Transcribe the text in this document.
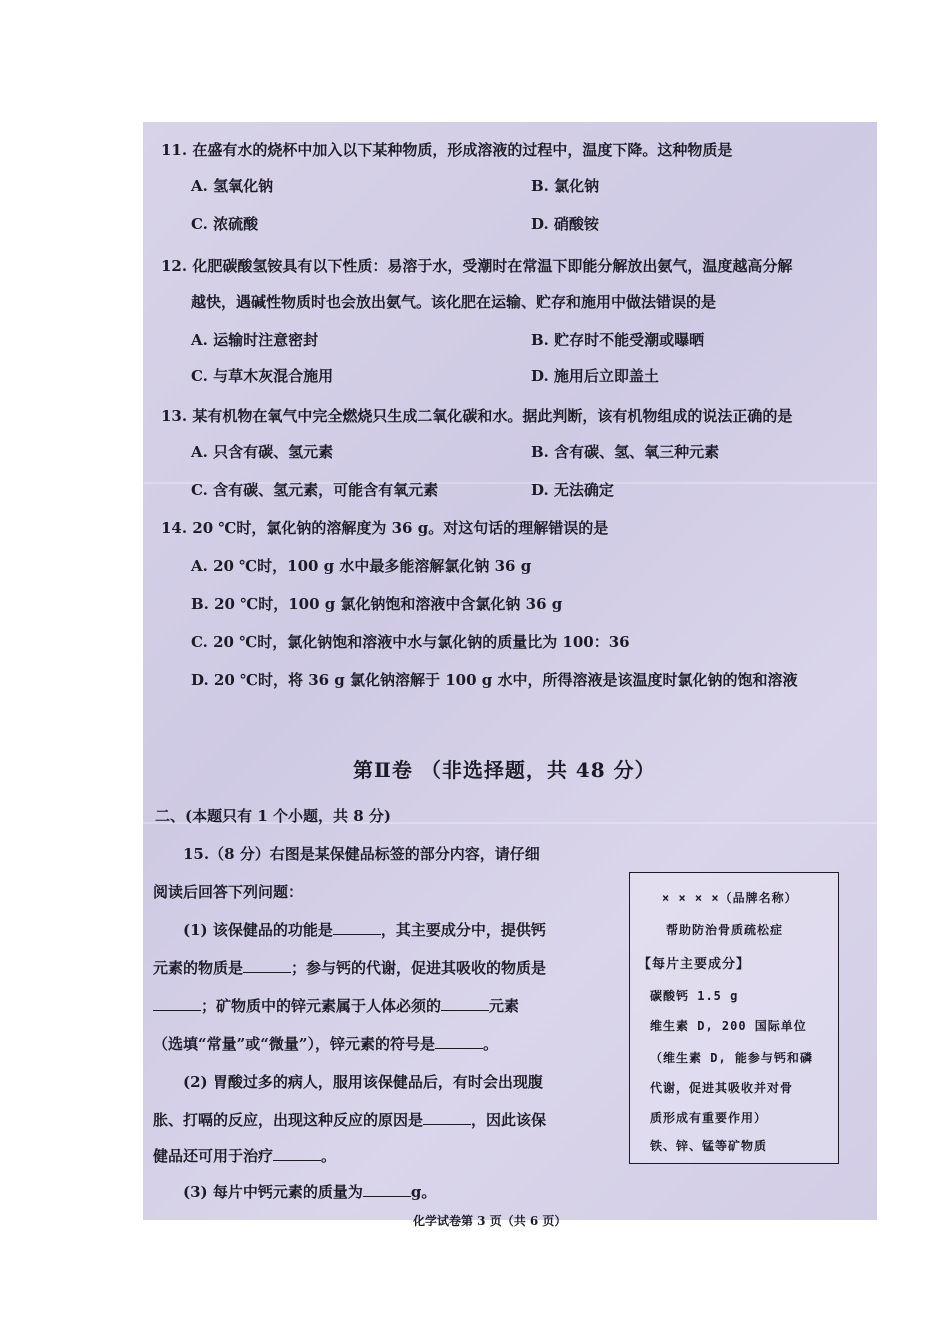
11. 在盛有水的烧杯中加入以下某种物质，形成溶液的过程中，温度下降。这种物质是
A. 氢氧化钠	B. 氯化钠
C. 浓硫酸	D. 硝酸铵
12. 化肥碳酸氢铵具有以下性质：易溶于水，受潮时在常温下即能分解放出氨气，温度越高分解
越快，遇碱性物质时也会放出氨气。该化肥在运输、贮存和施用中做法错误的是
A. 运输时注意密封	B. 贮存时不能受潮或曝晒
C. 与草木灰混合施用	D. 施用后立即盖土
13. 某有机物在氧气中完全燃烧只生成二氧化碳和水。据此判断，该有机物组成的说法正确的是
A. 只含有碳、氢元素	B. 含有碳、氢、氧三种元素
C. 含有碳、氢元素，可能含有氧元素	D. 无法确定
14. 20 ℃时，氯化钠的溶解度为 36 g。对这句话的理解错误的是
A. 20 ℃时，100 g 水中最多能溶解氯化钠 36 g
B. 20 ℃时，100 g 氯化钠饱和溶液中含氯化钠 36 g
C. 20 ℃时，氯化钠饱和溶液中水与氯化钠的质量比为 100：36
D. 20 ℃时，将 36 g 氯化钠溶解于 100 g 水中，所得溶液是该温度时氯化钠的饱和溶液
第Ⅱ卷 （非选择题，共 48 分）
二、(本题只有 1 个小题，共 8 分)
15.（8 分）右图是某保健品标签的部分内容，请仔细
阅读后回答下列问题：
(1) 该保健品的功能是	，其主要成分中，提供钙
元素的物质是	；参与钙的代谢，促进其吸收的物质是
；矿物质中的锌元素属于人体必须的	元素
（选填“常量”或“微量”），锌元素的符号是	。
(2) 胃酸过多的病人，服用该保健品后，有时会出现腹
胀、打嗝的反应，出现这种反应的原因是	，因此该保
健品还可用于治疗	。
(3) 每片中钙元素的质量为	g。
× × × ×（品牌名称）
帮助防治骨质疏松症
【每片主要成分】
碳酸钙 1.5 g
维生素 D, 200 国际单位
（维生素 D, 能参与钙和磷
代谢，促进其吸收并对骨
质形成有重要作用）
铁、锌、锰等矿物质
化学试卷第 3 页（共 6 页）
